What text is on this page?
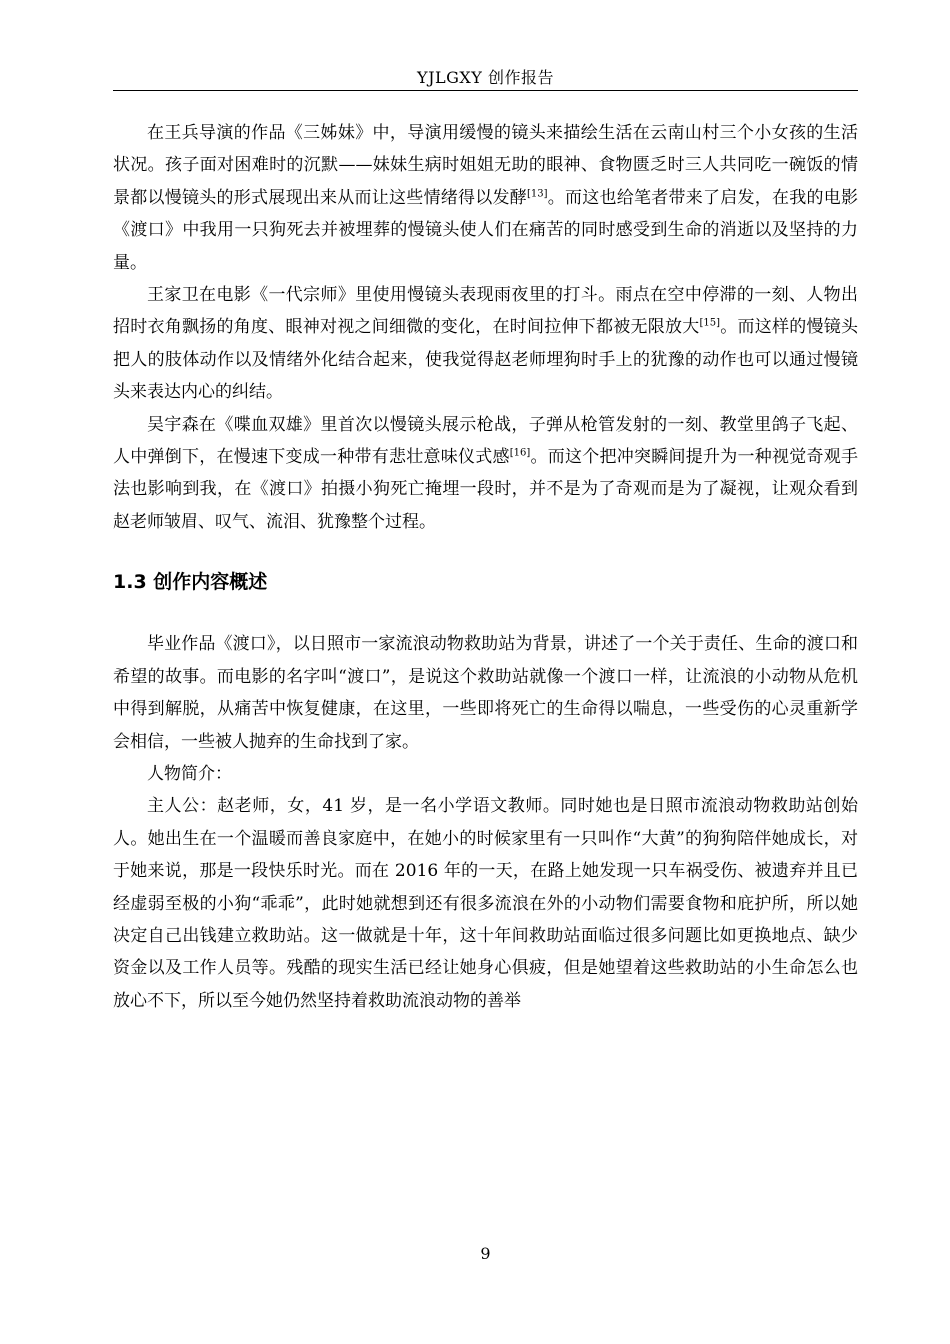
YJLGXY 创作报告

在王兵导演的作品《三姊妹》中，导演用缓慢的镜头来描绘生活在云南山村三个小女孩的生活状况。孩子面对困难时的沉默——妹妹生病时姐姐无助的眼神、食物匮乏时三人共同吃一碗饭的情景都以慢镜头的形式展现出来从而让这些情绪得以发酵[13]。而这也给笔者带来了启发，在我的电影《渡口》中我用一只狗死去并被埋葬的慢镜头使人们在痛苦的同时感受到生命的消逝以及坚持的力量。

王家卫在电影《一代宗师》里使用慢镜头表现雨夜里的打斗。雨点在空中停滞的一刻、人物出招时衣角飘扬的角度、眼神对视之间细微的变化，在时间拉伸下都被无限放大[15]。而这样的慢镜头把人的肢体动作以及情绪外化结合起来，使我觉得赵老师埋狗时手上的犹豫的动作也可以通过慢镜头来表达内心的纠结。

吴宇森在《喋血双雄》里首次以慢镜头展示枪战，子弹从枪管发射的一刻、教堂里鸽子飞起、人中弹倒下，在慢速下变成一种带有悲壮意味仪式感[16]。而这个把冲突瞬间提升为一种视觉奇观手法也影响到我，在《渡口》拍摄小狗死亡掩埋一段时，并不是为了奇观而是为了凝视，让观众看到赵老师皱眉、叹气、流泪、犹豫整个过程。

1.3 创作内容概述

毕业作品《渡口》，以日照市一家流浪动物救助站为背景，讲述了一个关于责任、生命的渡口和希望的故事。而电影的名字叫“渡口”，是说这个救助站就像一个渡口一样，让流浪的小动物从危机中得到解脱，从痛苦中恢复健康，在这里，一些即将死亡的生命得以喘息，一些受伤的心灵重新学会相信，一些被人抛弃的生命找到了家。

人物简介：

主人公：赵老师，女，41 岁，是一名小学语文教师。同时她也是日照市流浪动物救助站创始人。她出生在一个温暖而善良家庭中，在她小的时候家里有一只叫作“大黄”的狗狗陪伴她成长，对于她来说，那是一段快乐时光。而在 2016 年的一天，在路上她发现一只车祸受伤、被遗弃并且已经虚弱至极的小狗“乖乖”，此时她就想到还有很多流浪在外的小动物们需要食物和庇护所，所以她决定自己出钱建立救助站。这一做就是十年，这十年间救助站面临过很多问题比如更换地点、缺少资金以及工作人员等。残酷的现实生活已经让她身心俱疲，但是她望着这些救助站的小生命怎么也放心不下，所以至今她仍然坚持着救助流浪动物的善举

9
